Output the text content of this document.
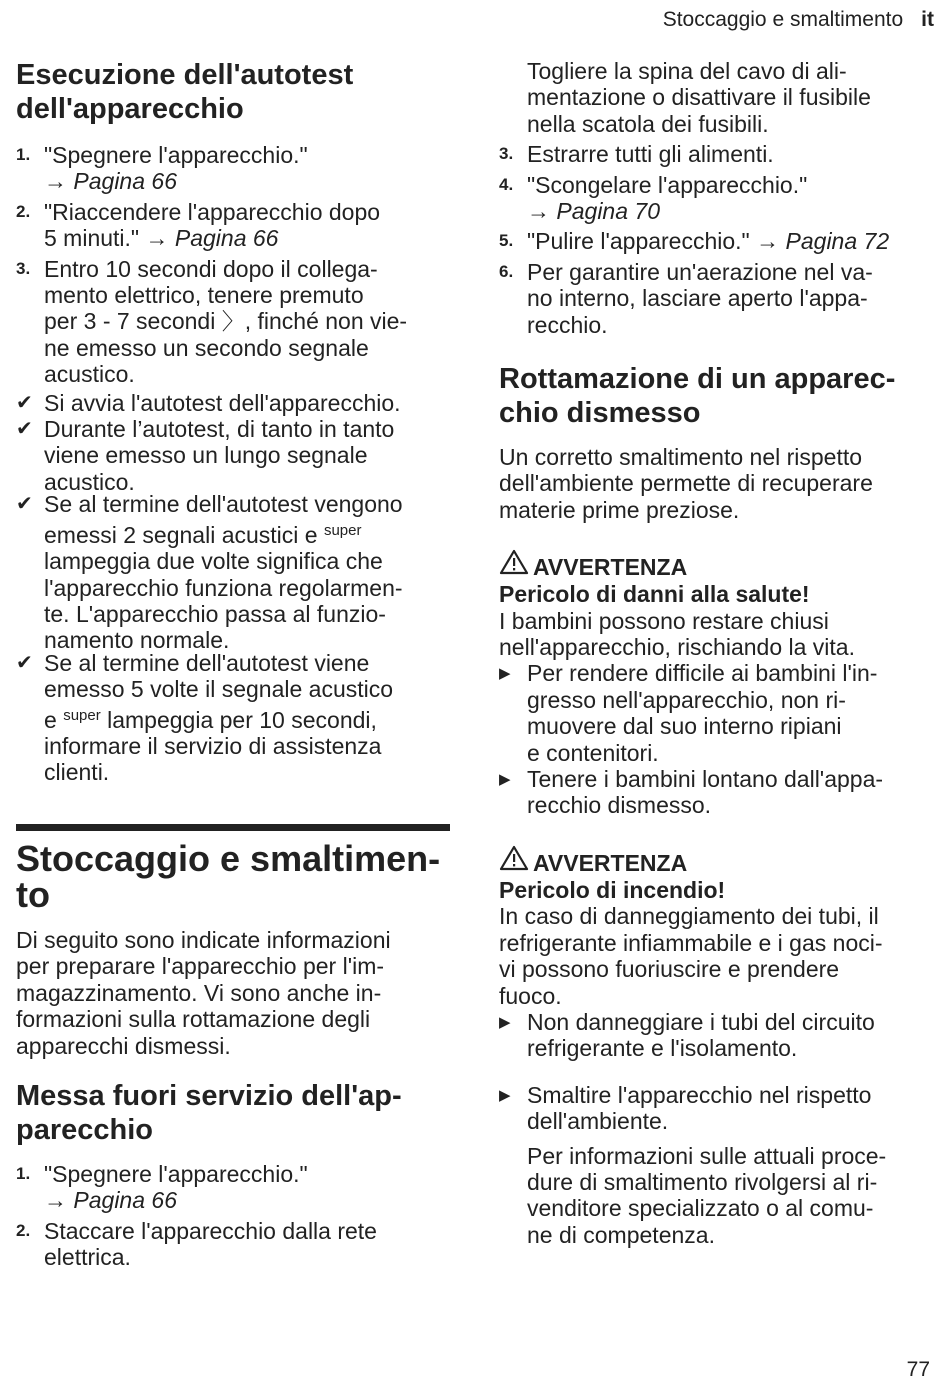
Stoccaggio e smaltimento it
Esecuzione dell'autotest
dell'apparecchio
1. "Spegnere l'apparecchio."
→ Pagina 66
2. "Riaccendere l'apparecchio dopo
5 minuti." → Pagina 66
3. Entro 10 secondi dopo il collega-
mento elettrico, tenere premuto
per 3 - 7 secondi 〉, finché non vie-
ne emesso un secondo segnale
acustico.
✔ Si avvia l'autotest dell'apparecchio.
✔ Durante l’autotest, di tanto in tanto
viene emesso un lungo segnale
acustico.
✔ Se al termine dell'autotest vengono
emessi 2 segnali acustici e $^{super}$
lampeggia due volte significa che
l'apparecchio funziona regolarmen-
te. L'apparecchio passa al funzio-
namento normale.
✔ Se al termine dell'autotest viene
emesso 5 volte il segnale acustico
e $^{super}$ lampeggia per 10 secondi,
informare il servizio di assistenza
clienti.
Stoccaggio e smaltimen-
to
Di seguito sono indicate informazioni
per preparare l'apparecchio per l'im-
magazzinamento. Vi sono anche in-
formazioni sulla rottamazione degli
apparecchi dismessi.
Messa fuori servizio dell'ap-
parecchio
1. "Spegnere l'apparecchio."
→ Pagina 66
2. Staccare l'apparecchio dalla rete
elettrica.
Togliere la spina del cavo di ali-
mentazione o disattivare il fusibile
nella scatola dei fusibili.
3. Estrarre tutti gli alimenti.
4. "Scongelare l'apparecchio."
→ Pagina 70
5. "Pulire l'apparecchio." → Pagina 72
6. Per garantire un'aerazione nel va-
no interno, lasciare aperto l'appa-
recchio.
Rottamazione di un apparec-
chio dismesso
Un corretto smaltimento nel rispetto
dell'ambiente permette di recuperare
materie prime preziose.
AVVERTENZA
Pericolo di danni alla salute!
I bambini possono restare chiusi
nell'apparecchio, rischiando la vita.
▶ Per rendere difficile ai bambini l'in-
gresso nell'apparecchio, non ri-
muovere dal suo interno ripiani
e contenitori.
▶ Tenere i bambini lontano dall'appa-
recchio dismesso.
AVVERTENZA
Pericolo di incendio!
In caso di danneggiamento dei tubi, il
refrigerante infiammabile e i gas noci-
vi possono fuoriuscire e prendere
fuoco.
▶ Non danneggiare i tubi del circuito
refrigerante e l'isolamento.
▶ Smaltire l'apparecchio nel rispetto
dell'ambiente.
Per informazioni sulle attuali proce-
dure di smaltimento rivolgersi al ri-
venditore specializzato o al comu-
ne di competenza.
77
